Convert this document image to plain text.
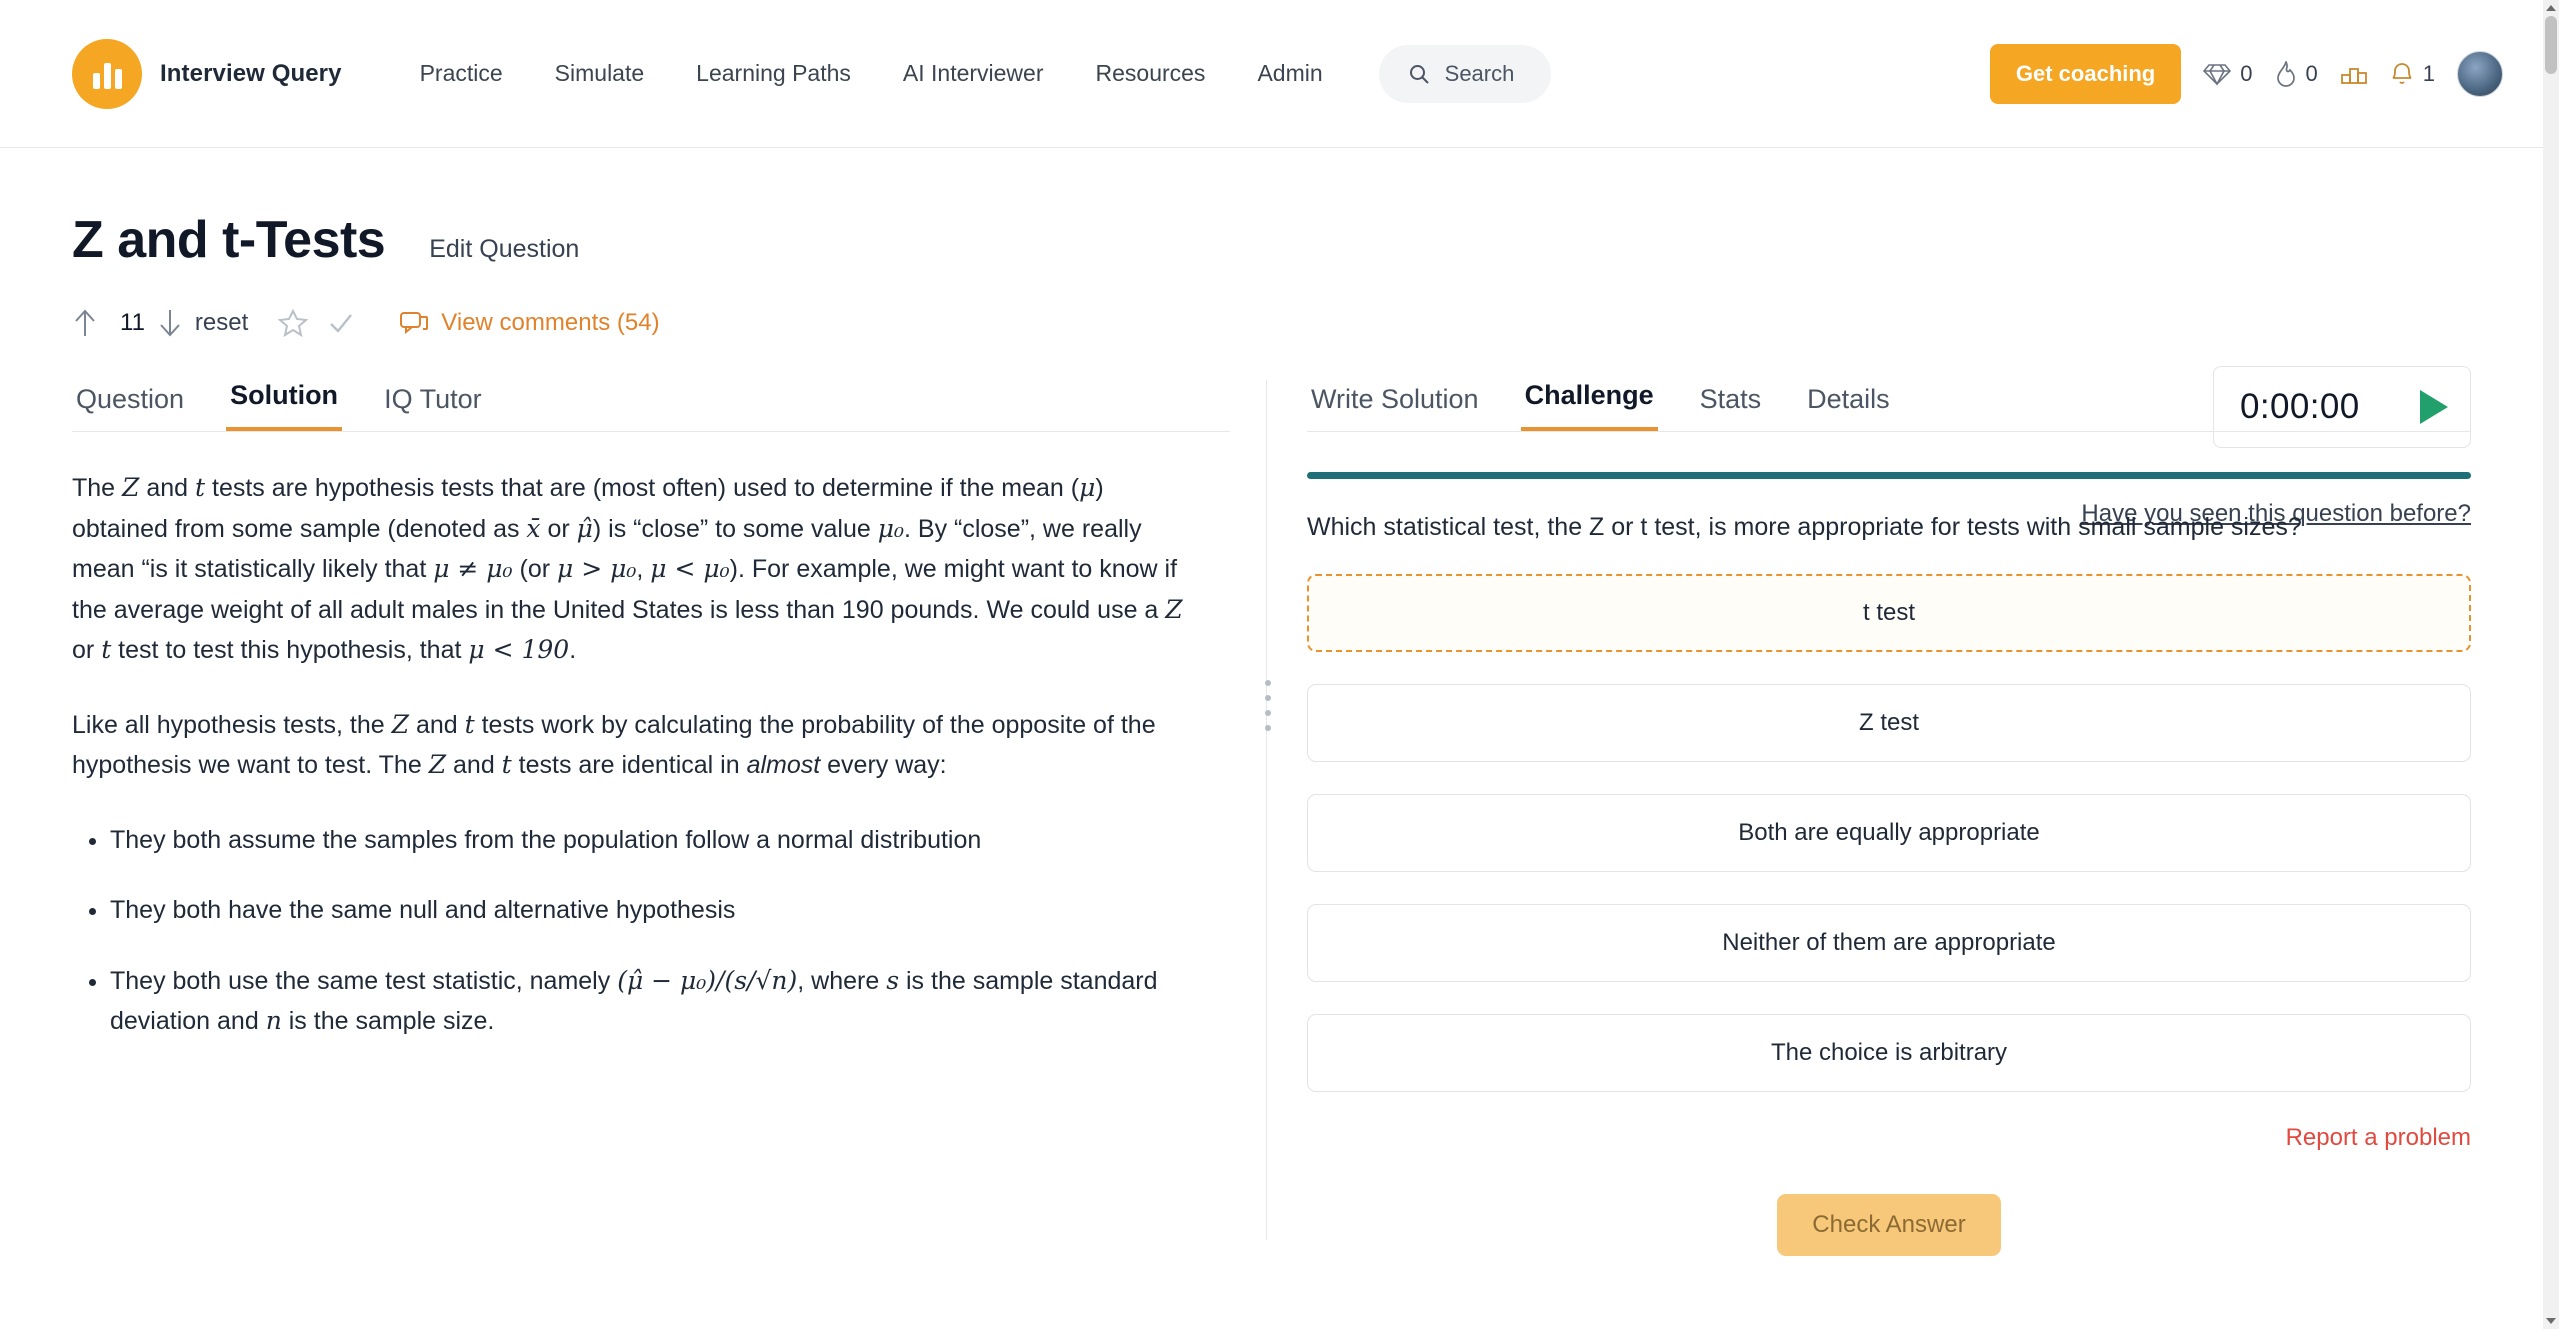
Interview Query	Practice	Simulate	Learning Paths	AI Interviewer	Resources	Admin	Search	Get coaching	0 0	1
Z and t-Tests Edit Question
0:00:00
11 reset	View comments (54)
Have you seen this question before?
Question Solution IQ Tutor

The Z and t tests are hypothesis tests that are (most often) used to determine if the mean (μ) obtained from some sample (denoted as x̄ or μ̂) is “close” to some value μ₀. By “close”, we really mean “is it statistically likely that μ ≠ μ₀ (or μ > μ₀, μ < μ₀). For example, we might want to know if the average weight of all adult males in the United States is less than 190 pounds. We could use a Z or t test to test this hypothesis, that μ < 190.

Like all hypothesis tests, the Z and t tests work by calculating the probability of the opposite of the hypothesis we want to test. The Z and t tests are identical in almost every way:

• They both assume the samples from the population follow a normal distribution
• They both have the same null and alternative hypothesis
• They both use the same test statistic, namely (μ̂ − μ₀)/(s/√n), where s is the sample standard deviation and n is the sample size.
Write Solution Challenge Stats Details
Which statistical test, the Z or t test, is more appropriate for tests with small sample sizes?
t test
Z test
Both are equally appropriate
Neither of them are appropriate
The choice is arbitrary
Report a problem
Check Answer
